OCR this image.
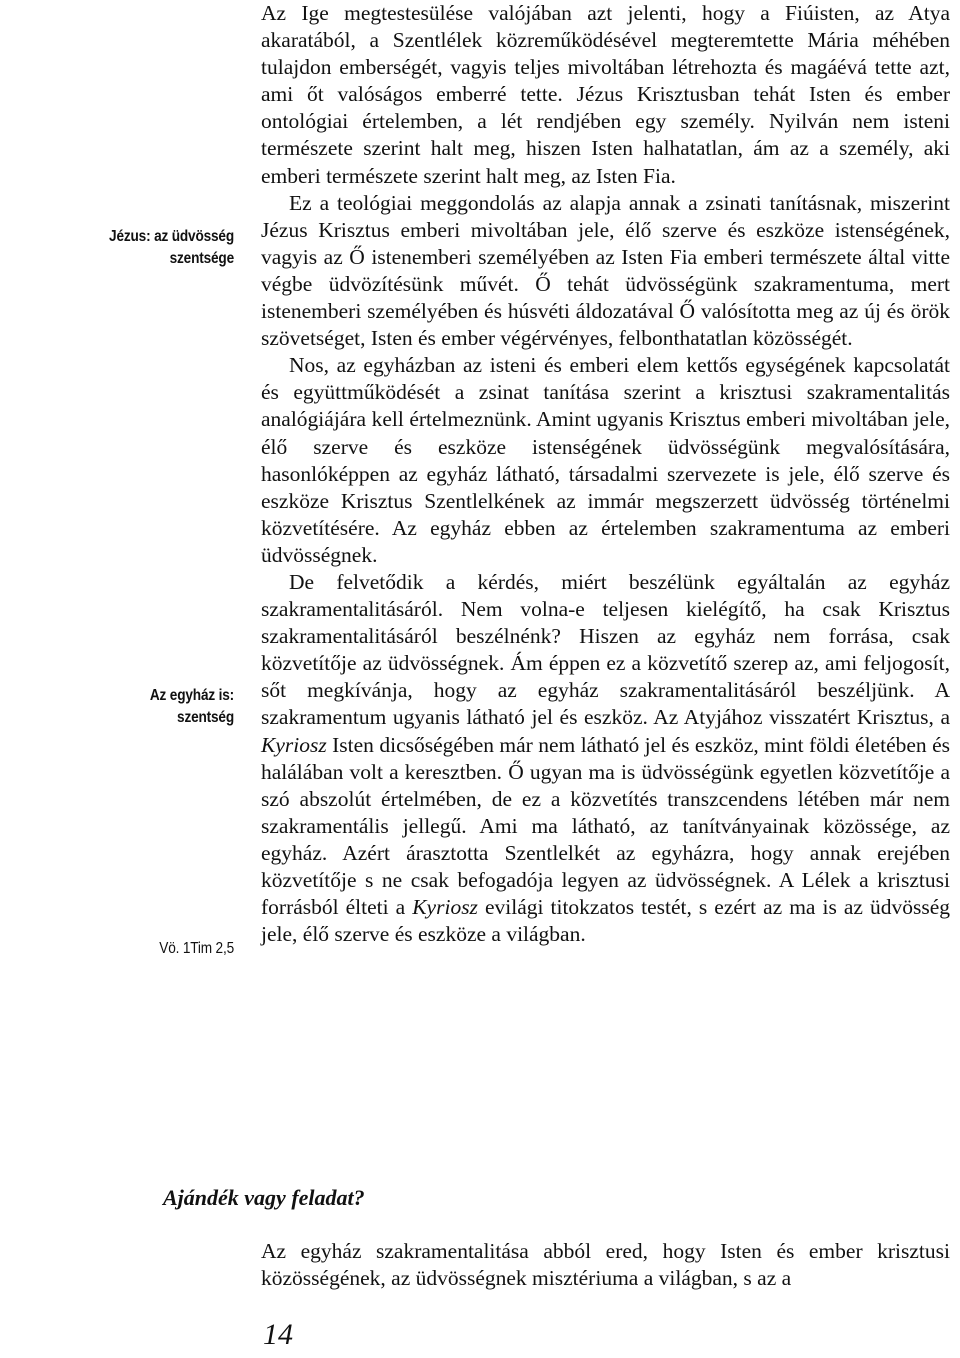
Jézus: az üdvösség
szentsége
Az egyház is:
szentség
Vö. 1Tim 2,5

Az Ige megtestesülése valójában azt jelenti, hogy a Fiúisten, az Atya akaratából, a Szentlélek közreműködésével megteremtette Mária méhében tulajdon emberségét, vagyis teljes mivoltában létrehozta és magáévá tette azt, ami őt valóságos emberré tette. Jézus Krisztusban tehát Isten és ember ontológiai értelemben, a lét rendjében egy személy. Nyilván nem isteni természete szerint halt meg, hiszen Isten halhatatlan, ám az a személy, aki emberi természete szerint halt meg, az Isten Fia.

Ez a teológiai meggondolás az alapja annak a zsinati tanításnak, miszerint Jézus Krisztus emberi mivoltában jele, élő szerve és eszköze istenségének, vagyis az Ő istenemberi személyében az Isten Fia emberi természete által vitte végbe üdvözítésünk művét. Ő tehát üdvösségünk szakramentuma, mert istenemberi személyében és húsvéti áldozatával Ő valósította meg az új és örök szövetséget, Isten és ember végérvényes, felbonthatatlan közösségét.

Nos, az egyházban az isteni és emberi elem kettős egységének kapcsolatát és együttműködését a zsinat tanítása szerint a krisztusi szakramentalitás analógiájára kell értelmeznünk. Amint ugyanis Krisztus emberi mivoltában jele, élő szerve és eszköze istenségének üdvösségünk megvalósítására, hasonlóképpen az egyház látható, társadalmi szervezete is jele, élő szerve és eszköze Krisztus Szentlelkének az immár megszerzett üdvösség történelmi közvetítésére. Az egyház ebben az értelemben szakramentuma az emberi üdvösségnek.

De felvetődik a kérdés, miért beszélünk egyáltalán az egyház szakramentalitásáról. Nem volna-e teljesen kielégítő, ha csak Krisztus szakramentalitásáról beszélnénk? Hiszen az egyház nem forrása, csak közvetítője az üdvösségnek. Ám éppen ez a közvetítő szerep az, ami feljogosít, sőt megkívánja, hogy az egyház szakramentalitásáról beszéljünk. A szakramentum ugyanis látható jel és eszköz. Az Atyjához visszatért Krisztus, a Kyriosz Isten dicsőségében már nem látható jel és eszköz, mint földi életében és halálában volt a keresztben. Ő ugyan ma is üdvösségünk egyetlen közvetítője a szó abszolút értelmében, de ez a közvetítés transzcendens létében már nem szakramentális jellegű. Ami ma látható, az tanítványainak közössége, az egyház. Azért árasztotta Szentlelkét az egyházra, hogy annak erejében közvetítője s ne csak befogadója legyen az üdvösségnek. A Lélek a krisztusi forrásból élteti a Kyriosz evilági titokzatos testét, s ezért az ma is az üdvösség jele, élő szerve és eszköze a világban.

Ajándék vagy feladat?

Az egyház szakramentalitása abból ered, hogy Isten és ember krisztusi közösségének, az üdvösségnek misztériuma a világban, s az a

14
